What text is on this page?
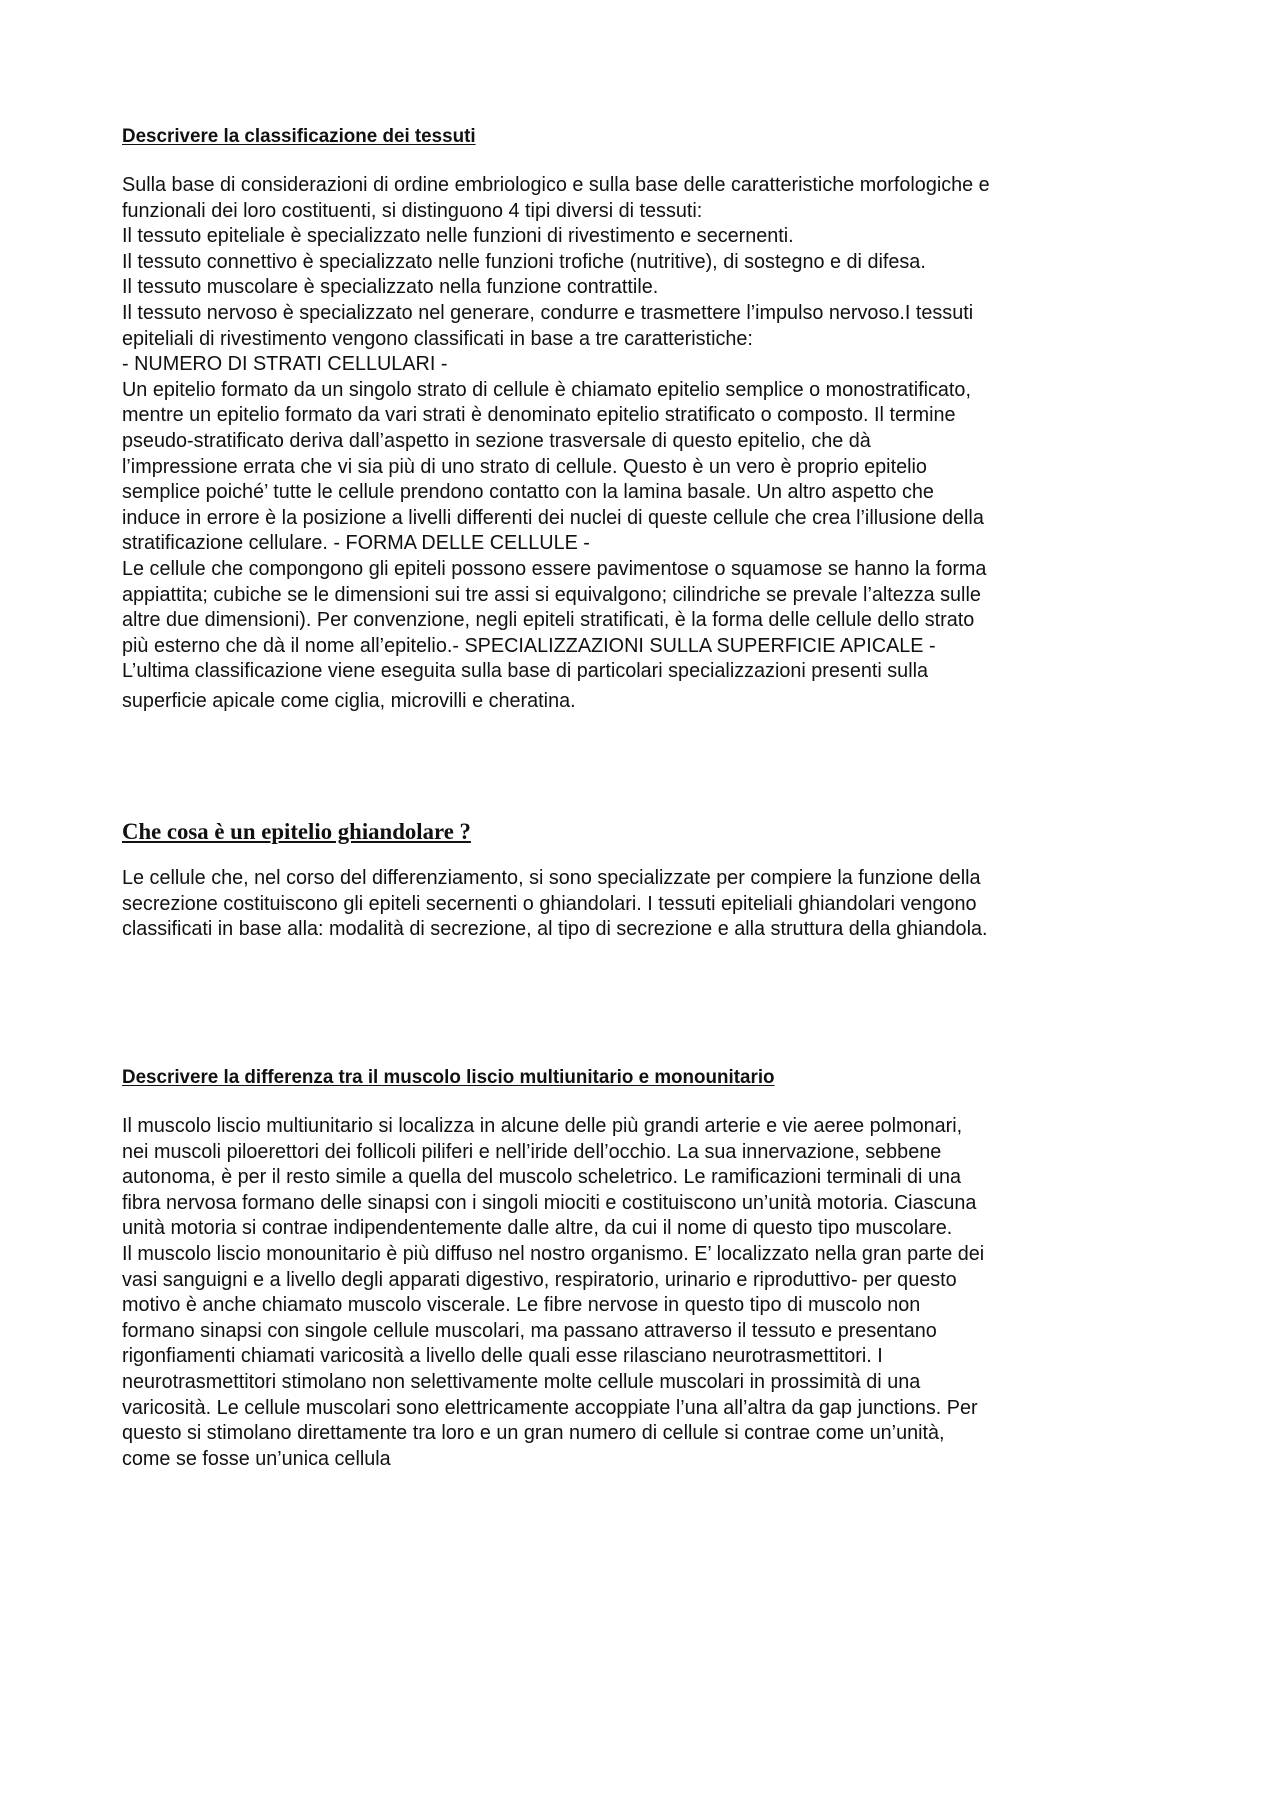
Descrivere la classificazione dei tessuti
Sulla base di considerazioni di ordine embriologico e sulla base delle caratteristiche morfologiche e
funzionali dei loro costituenti, si distinguono 4 tipi diversi di tessuti:
Il tessuto epiteliale è specializzato nelle funzioni di rivestimento e secernenti.
Il tessuto connettivo è specializzato nelle funzioni trofiche (nutritive), di sostegno e di difesa.
Il tessuto muscolare è specializzato nella funzione contrattile.
Il tessuto nervoso è specializzato nel generare, condurre e trasmettere l’impulso nervoso.I tessuti
epiteliali di rivestimento vengono classificati in base a tre caratteristiche:
- NUMERO DI STRATI CELLULARI -
Un epitelio formato da un singolo strato di cellule è chiamato epitelio semplice o monostratificato,
mentre un epitelio formato da vari strati è denominato epitelio stratificato o composto. Il termine
pseudo-stratificato deriva dall’aspetto in sezione trasversale di questo epitelio, che dà
l’impressione errata che vi sia più di uno strato di cellule. Questo è un vero è proprio epitelio
semplice poiché’ tutte le cellule prendono contatto con la lamina basale. Un altro aspetto che
induce in errore è la posizione a livelli differenti dei nuclei di queste cellule che crea l’illusione della
stratificazione cellulare. - FORMA DELLE CELLULE -
Le cellule che compongono gli epiteli possono essere pavimentose o squamose se hanno la forma
appiattita; cubiche se le dimensioni sui tre assi si equivalgono; cilindriche se prevale l’altezza sulle
altre due dimensioni). Per convenzione, negli epiteli stratificati, è la forma delle cellule dello strato
più esterno che dà il nome all’epitelio.- SPECIALIZZAZIONI SULLA SUPERFICIE APICALE -
L’ultima classificazione viene eseguita sulla base di particolari specializzazioni presenti sulla
superficie apicale come ciglia, microvilli e cheratina.
Che cosa è un epitelio ghiandolare ?
Le cellule che, nel corso del differenziamento, si sono specializzate per compiere la funzione della
secrezione costituiscono gli epiteli secernenti o ghiandolari. I tessuti epiteliali ghiandolari vengono
classificati in base alla: modalità di secrezione, al tipo di secrezione e alla struttura della ghiandola.
Descrivere la differenza tra il muscolo liscio multiunitario e monounitario
Il muscolo liscio multiunitario si localizza in alcune delle più grandi arterie e vie aeree polmonari,
nei muscoli piloerettori dei follicoli piliferi e nell’iride dell’occhio. La sua innervazione, sebbene
autonoma, è per il resto simile a quella del muscolo scheletrico. Le ramificazioni terminali di una
fibra nervosa formano delle sinapsi con i singoli miociti e costituiscono un’unità motoria. Ciascuna
unità motoria si contrae indipendentemente dalle altre, da cui il nome di questo tipo muscolare.
Il muscolo liscio monounitario è più diffuso nel nostro organismo. E’ localizzato nella gran parte dei
vasi sanguigni e a livello degli apparati digestivo, respiratorio, urinario e riproduttivo- per questo
motivo è anche chiamato muscolo viscerale. Le fibre nervose in questo tipo di muscolo non
formano sinapsi con singole cellule muscolari, ma passano attraverso il tessuto e presentano
rigonfiamenti chiamati varicosità a livello delle quali esse rilasciano neurotrasmettitori. I
neurotrasmettitori stimolano non selettivamente molte cellule muscolari in prossimità di una
varicosità. Le cellule muscolari sono elettricamente accoppiate l’una all’altra da gap junctions. Per
questo si stimolano direttamente tra loro e un gran numero di cellule si contrae come un’unità,
come se fosse un’unica cellula
